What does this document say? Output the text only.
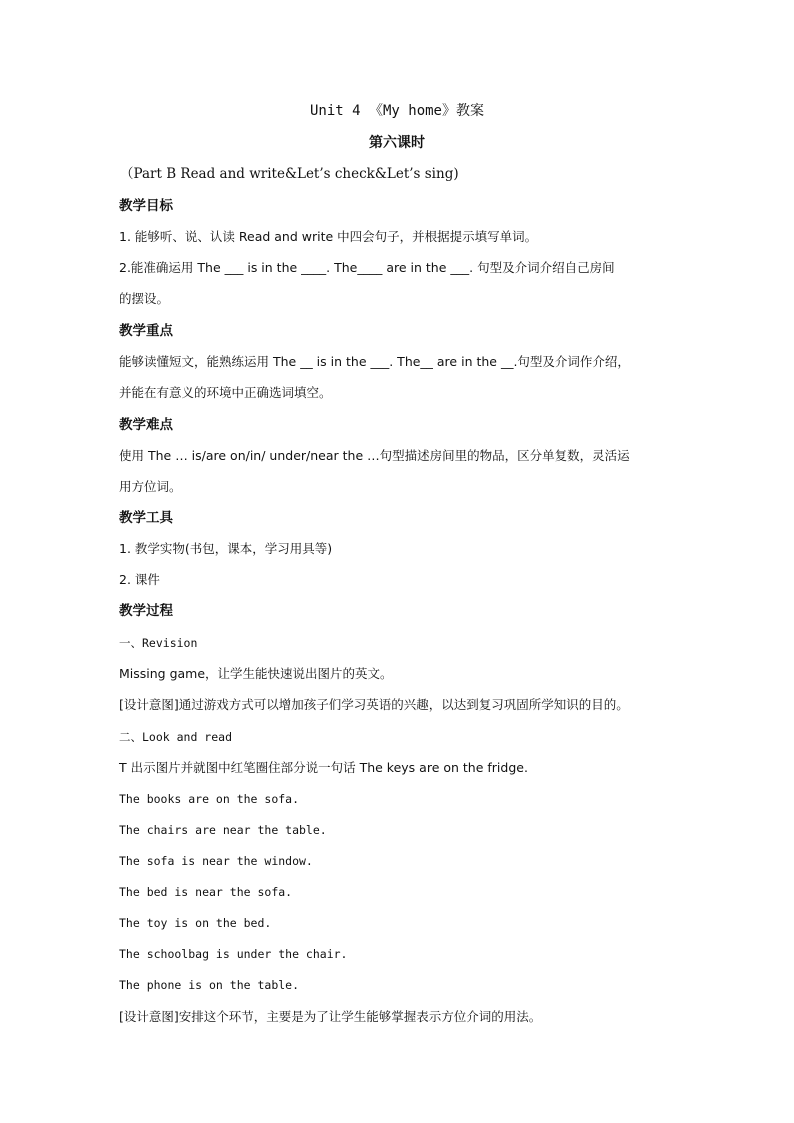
Unit 4 《My home》教案
第六课时
（Part B Read and write&Let’s check&Let’s sing)
教学目标
1. 能够听、说、认读 Read and write 中四会句子，并根据提示填写单词。
2.能准确运用 The ___ is in the ____. The____ are in the ___. 句型及介词介绍自己房间
的摆设。
教学重点
能够读懂短文，能熟练运用 The __ is in the ___. The__ are in the __.句型及介词作介绍，
并能在有意义的环境中正确选词填空。
教学难点
使用 The … is/are on/in/ under/near the …句型描述房间里的物品，区分单复数，灵活运
用方位词。
教学工具
1. 教学实物(书包，课本，学习用具等)
2. 课件
教学过程
一、Revision
Missing game，让学生能快速说出图片的英文。
[设计意图]通过游戏方式可以增加孩子们学习英语的兴趣，以达到复习巩固所学知识的目的。
二、Look and read
T 出示图片并就图中红笔圈住部分说一句话 The keys are on the fridge.
The books are on the sofa.
The chairs are near the table.
The sofa is near the window.
The bed is near the sofa.
The toy is on the bed.
The schoolbag is under the chair.
The phone is on the table.
[设计意图]安排这个环节，主要是为了让学生能够掌握表示方位介词的用法。
